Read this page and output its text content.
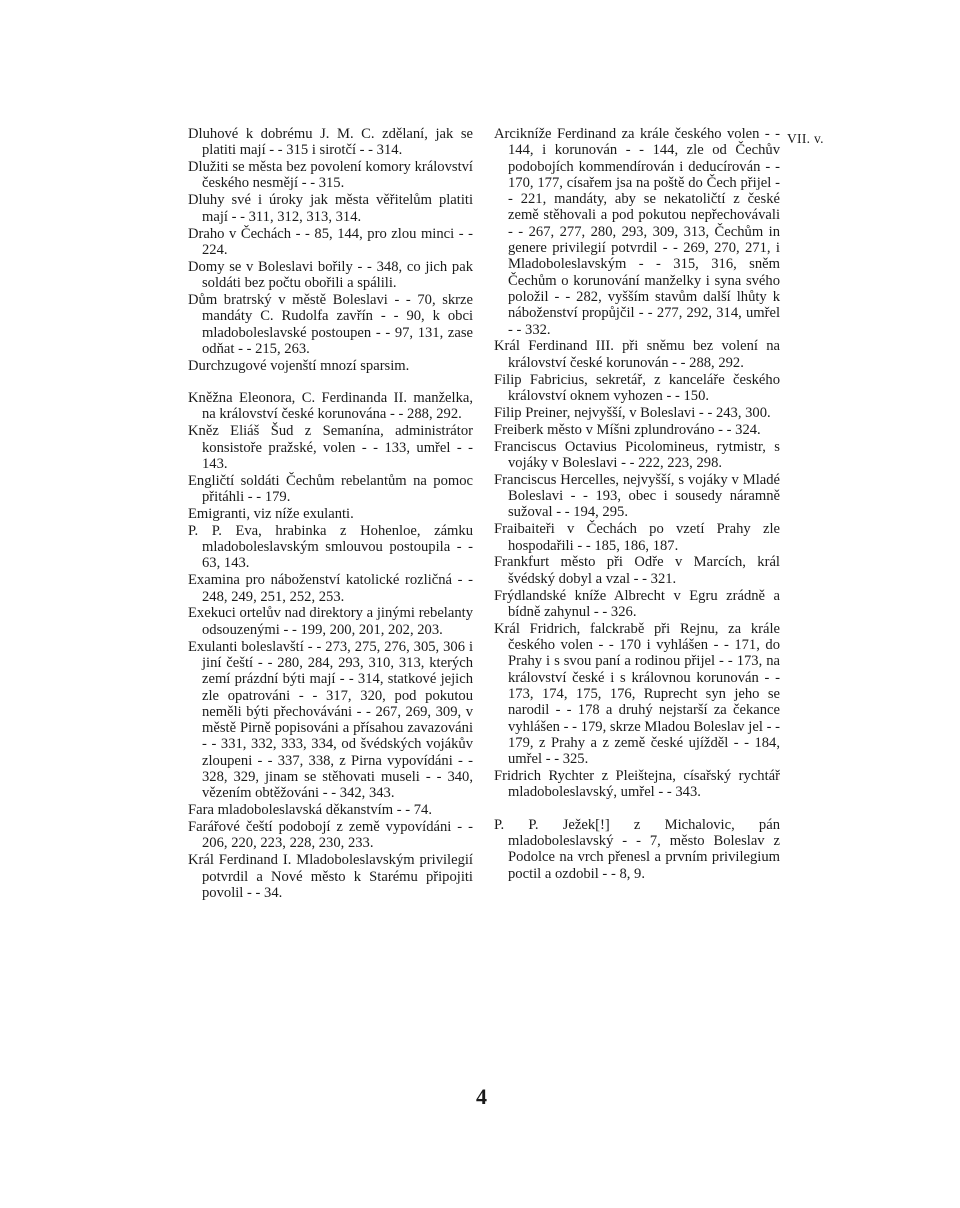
VII. v.

Dluhové k dobrému J. M. C. zdělaní, jak se platiti mají - - 315 i sirotčí - - 314.

Dlužiti se města bez povolení komory království českého nesmějí - - 315.

Dluhy své i úroky jak města věřitelům platiti mají - - 311, 312, 313, 314.

Draho v Čechách - - 85, 144, pro zlou minci - - 224.

Domy se v Boleslavi bořily - - 348, co jich pak soldáti bez počtu obořili a spálili.

Dům bratrský v městě Boleslavi - - 70, skrze mandáty C. Rudolfa zavřín - - 90, k obci mladoboleslavské postoupen - - 97, 131, zase odňat - - 215, 263.

Durchzugové vojenští mnozí sparsim.

Kněžna Eleonora, C. Ferdinanda II. manželka, na království české korunována - - 288, 292.

Kněz Eliáš Šud z Semanína, administrátor konsistoře pražské, volen - - 133, umřel - - 143.

Engličtí soldáti Čechům rebelantům na pomoc přitáhli - - 179.

Emigranti, viz níže exulanti.

P. P. Eva, hrabinka z Hohenloe, zámku mladoboleslavským smlouvou postoupila - - 63, 143.

Examina pro náboženství katolické rozličná - - 248, 249, 251, 252, 253.

Exekuci ortelův nad direktory a jinými rebelanty odsouzenými - - 199, 200, 201, 202, 203.

Exulanti boleslavští - - 273, 275, 276, 305, 306 i jiní čeští - - 280, 284, 293, 310, 313, kterých zemí prázdní býti mají - - 314, statkové jejich zle opatrováni - - 317, 320, pod pokutou neměli býti přechováváni - - 267, 269, 309, v městě Pirně popisováni a přísahou zavazováni - - 331, 332, 333, 334, od švédských vojákův zloupeni - - 337, 338, z Pirna vypovídáni - - 328, 329, jinam se stěhovati museli - - 340, vězením obtěžováni - - 342, 343.

Fara mladoboleslavská děkanstvím - - 74.

Farářové čeští podobojí z země vypovídáni - - 206, 220, 223, 228, 230, 233.

Král Ferdinand I. Mladoboleslavským privilegií potvrdil a Nové město k Starému připojiti povolil - - 34.

Arcikníže Ferdinand za krále českého volen - - 144, i korunován - - 144, zle od Čechův podobojích kommendírován i deducírován - - 170, 177, císařem jsa na poště do Čech přijel - - 221, mandáty, aby se nekatoličtí z české země stěhovali a pod pokutou nepřechovávali - - 267, 277, 280, 293, 309, 313, Čechům in genere privilegií potvrdil - - 269, 270, 271, i Mladoboleslavským - - 315, 316, sněm Čechům o korunování manželky i syna svého položil - - 282, vyšším stavům další lhůty k náboženství propůjčil - - 277, 292, 314, umřel - - 332.

Král Ferdinand III. při sněmu bez volení na království české korunován - - 288, 292.

Filip Fabricius, sekretář, z kanceláře českého království oknem vyhozen - - 150.

Filip Preiner, nejvyšší, v Boleslavi - - 243, 300.

Freiberk město v Míšni zplundrováno - - 324.

Franciscus Octavius Picolomineus, rytmistr, s vojáky v Boleslavi - - 222, 223, 298.

Franciscus Hercelles, nejvyšší, s vojáky v Mladé Boleslavi - - 193, obec i sousedy náramně sužoval - - 194, 295.

Fraibaiteři v Čechách po vzetí Prahy zle hospodařili - - 185, 186, 187.

Frankfurt město při Odře v Marcích, král švédský dobyl a vzal - - 321.

Frýdlandské kníže Albrecht v Egru zrádně a bídně zahynul - - 326.

Král Fridrich, falckrabě při Rejnu, za krále českého volen - - 170 i vyhlášen - - 171, do Prahy i s svou paní a rodinou přijel - - 173, na království české i s královnou korunován - - 173, 174, 175, 176, Ruprecht syn jeho se narodil - - 178 a druhý nejstarší za čekance vyhlášen - - 179, skrze Mladou Boleslav jel - - 179, z Prahy a z země české ujížděl - - 184, umřel - - 325.

Fridrich Rychter z Pleištejna, císařský rychtář mladoboleslavský, umřel - - 343.

P. P. Ježek[!] z Michalovic, pán mladoboleslavský - - 7, město Boleslav z Podolce na vrch přenesl a prvním privilegium poctil a ozdobil - - 8, 9.

4
